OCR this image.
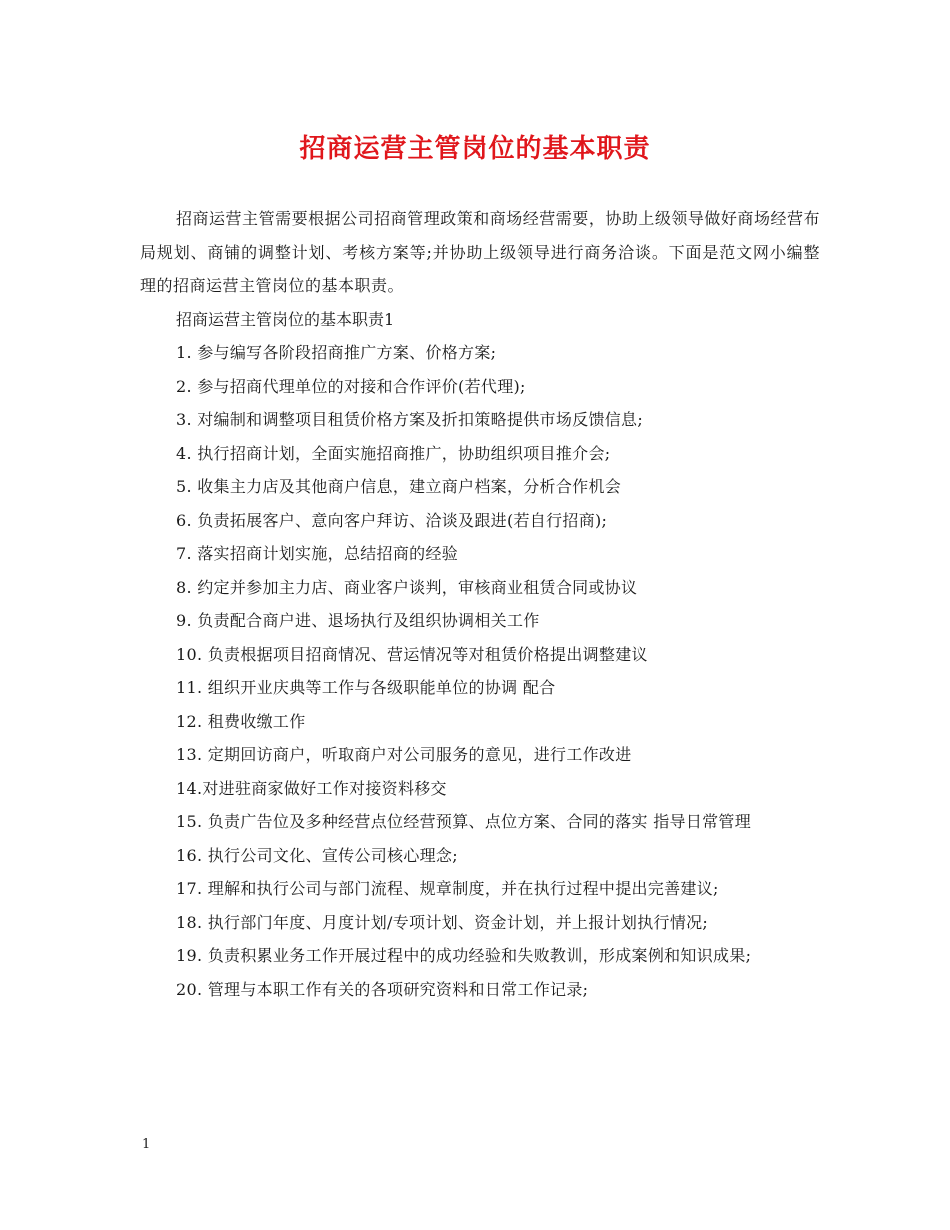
招商运营主管岗位的基本职责

招商运营主管需要根据公司招商管理政策和商场经营需要，协助上级领导做好商场经营布局规划、商铺的调整计划、考核方案等;并协助上级领导进行商务洽谈。下面是范文网小编整理的招商运营主管岗位的基本职责。

招商运营主管岗位的基本职责1

1. 参与编写各阶段招商推广方案、价格方案;
2. 参与招商代理单位的对接和合作评价(若代理);
3. 对编制和调整项目租赁价格方案及折扣策略提供市场反馈信息;
4. 执行招商计划，全面实施招商推广，协助组织项目推介会;
5. 收集主力店及其他商户信息，建立商户档案，分析合作机会
6. 负责拓展客户、意向客户拜访、洽谈及跟进(若自行招商);
7. 落实招商计划实施，总结招商的经验
8. 约定并参加主力店、商业客户谈判，审核商业租赁合同或协议
9. 负责配合商户进、退场执行及组织协调相关工作
10. 负责根据项目招商情况、营运情况等对租赁价格提出调整建议
11. 组织开业庆典等工作与各级职能单位的协调 配合
12. 租费收缴工作
13. 定期回访商户，听取商户对公司服务的意见，进行工作改进
14.对进驻商家做好工作对接资料移交
15. 负责广告位及多种经营点位经营预算、点位方案、合同的落实 指导日常管理
16. 执行公司文化、宣传公司核心理念;
17. 理解和执行公司与部门流程、规章制度，并在执行过程中提出完善建议;
18. 执行部门年度、月度计划/专项计划、资金计划，并上报计划执行情况;
19. 负责积累业务工作开展过程中的成功经验和失败教训，形成案例和知识成果;
20. 管理与本职工作有关的各项研究资料和日常工作记录;
1
